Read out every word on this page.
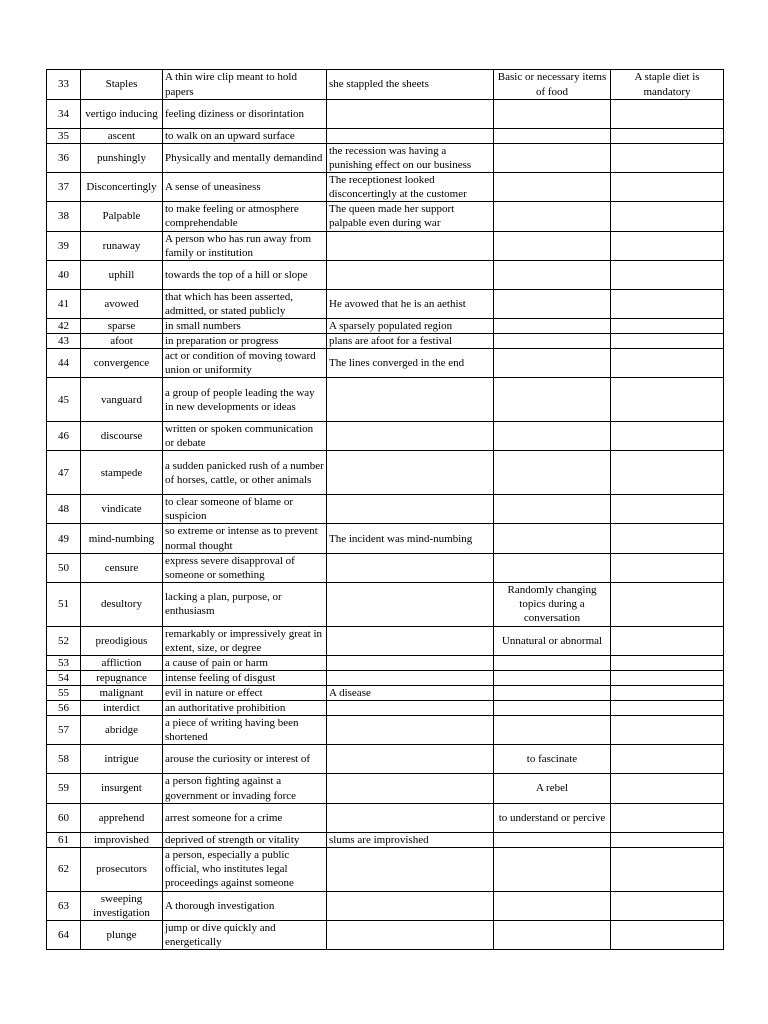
33	Staples	A thin wire clip meant to hold papers	she stappled the sheets	Basic or necessary items of food	A staple diet is mandatory
34	vertigo inducing	feeling diziness or disorintation			
35	ascent	to walk on an upward surface			
36	punshingly	Physically and mentally demandind	the recession was having a punishing effect on our business		
37	Disconcertingly	A sense of uneasiness	The receptionest looked disconcertingly at the customer		
38	Palpable	to make feeling or atmosphere comprehendable	The queen made her support palpable even during war		
39	runaway	A person who has run away from family or institution			
40	uphill	towards the top of a hill or slope			
41	avowed	that which has been asserted, admitted, or stated publicly	He avowed that he is an aethist		
42	sparse	in small numbers	A sparsely populated region		
43	afoot	in preparation or progress	plans are afoot for a festival		
44	convergence	act or condition of moving toward union or uniformity	The lines converged in the end		
45	vanguard	a group of people leading the way in new developments or ideas			
46	discourse	written or spoken communication or debate			
47	stampede	a sudden panicked rush of a number of horses, cattle, or other animals			
48	vindicate	to clear someone of blame or suspicion			
49	mind-numbing	so extreme or intense as to prevent normal thought	The incident was mind-numbing		
50	censure	express severe disapproval of someone or something			
51	desultory	lacking a plan, purpose, or enthusiasm		Randomly changing topics during a conversation	
52	preodigious	remarkably or impressively great in extent, size, or degree		Unnatural or abnormal	
53	affliction	a cause of pain or harm			
54	repugnance	intense feeling of disgust			
55	malignant	evil in nature or effect	A disease		
56	interdict	an authoritative prohibition			
57	abridge	a piece of writing having been shortened			
58	intrigue	arouse the curiosity or interest of		to fascinate	
59	insurgent	a person fighting against a government or invading force		A rebel	
60	apprehend	arrest someone for a crime		to understand or percive	
61	improvished	deprived of strength or vitality	slums are improvished		
62	prosecutors	a person, especially a public official, who institutes legal proceedings against someone			
63	sweeping investigation	A thorough investigation			
64	plunge	jump or dive quickly and energetically			
